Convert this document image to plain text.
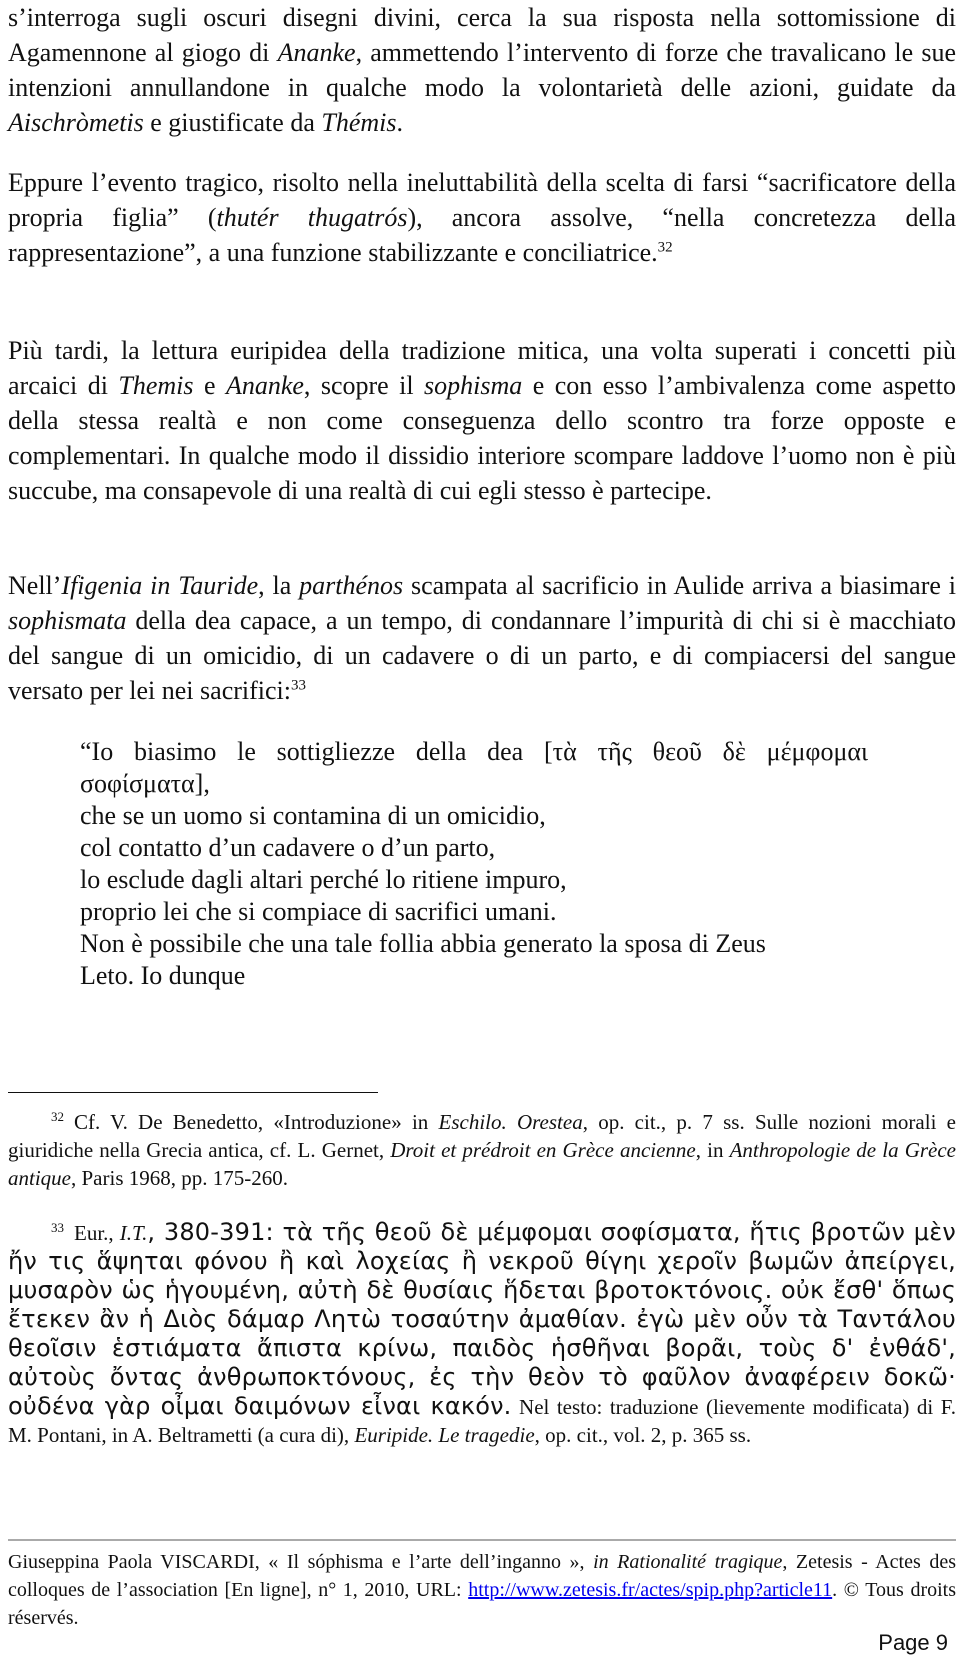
s’interroga sugli oscuri disegni divini, cerca la sua risposta nella sottomissione di Agamennone al giogo di Ananke, ammettendo l’intervento di forze che travalicano le sue intenzioni annullandone in qualche modo la volontarietà delle azioni, guidate da Aischròmetis e giustificate da Thémis.

Eppure l’evento tragico, risolto nella ineluttabilità della scelta di farsi “sacrificatore della propria figlia” (thutér thugatrós), ancora assolve, “nella concretezza della rappresentazione”, a una funzione stabilizzante e conciliatrice.$^{32}$

Più tardi, la lettura euripidea della tradizione mitica, una volta superati i concetti più arcaici di Themis e Ananke, scopre il sophisma e con esso l’ambivalenza come aspetto della stessa realtà e non come conseguenza dello scontro tra forze opposte e complementari. In qualche modo il dissidio interiore scompare laddove l’uomo non è più succube, ma consapevole di una realtà di cui egli stesso è partecipe.

Nell’Ifigenia in Tauride, la parthénos scampata al sacrificio in Aulide arriva a biasimare i sophismata della dea capace, a un tempo, di condannare l’impurità di chi si è macchiato del sangue di un omicidio, di un cadavere o di un parto, e di compiacersi del sangue versato per lei nei sacrifici:$^{33}$

“Io biasimo le sottigliezze della dea [τὰ τῆς θεοῦ δὲ μέμφομαι
σοφίσματα],
che se un uomo si contamina di un omicidio,
col contatto d’un cadavere o d’un parto,
lo esclude dagli altari perché lo ritiene impuro,
proprio lei che si compiace di sacrifici umani.
Non è possibile che una tale follia abbia generato la sposa di Zeus
Leto. Io dunque
32 Cf. V. De Benedetto, «Introduzione» in Eschilo. Orestea, op. cit., p. 7 ss. Sulle nozioni morali e giuridiche nella Grecia antica, cf. L. Gernet, Droit et prédroit en Grèce ancienne, in Anthropologie de la Grèce antique, Paris 1968, pp. 175-260.
33 Eur., I.T., 380-391: τὰ τῆς θεοῦ δὲ μέμφομαι σοφίσματα, ἥτις βροτῶν μὲν ἤν τις ἅψηται φόνου ἢ καὶ λοχείας ἢ νεκροῦ θίγηι χεροῖν βωμῶν ἀπείργει, μυσαρὸν ὡς ἡγουμένη, αὐτὴ δὲ θυσίαις ἥδεται βροτοκτόνοις. οὐκ ἔσθ' ὅπως ἔτεκεν ἂν ἡ Διὸς δάμαρ Λητὼ τοσαύτην ἀμαθίαν. ἐγὼ μὲν οὖν τὰ Ταντάλου θεοῖσιν ἑστιάματα ἄπιστα κρίνω, παιδὸς ἡσθῆναι βορᾶι, τοὺς δ' ἐνθάδ', αὐτοὺς ὄντας ἀνθρωποκτόνους, ἐς τὴν θεὸν τὸ φαῦλον ἀναφέρειν δοκῶ· οὐδένα γὰρ οἶμαι δαιμόνων εἶναι κακόν. Nel testo: traduzione (lievemente modificata) di F. M. Pontani, in A. Beltrametti (a cura di), Euripide. Le tragedie, op. cit., vol. 2, p. 365 ss.
Giuseppina Paola VISCARDI, « Il sóphisma e l’arte dell’inganno », in Rationalité tragique, Zetesis - Actes des colloques de l’association [En ligne], n° 1, 2010, URL: http://www.zetesis.fr/actes/spip.php?article11. © Tous droits réservés.
Page 9
